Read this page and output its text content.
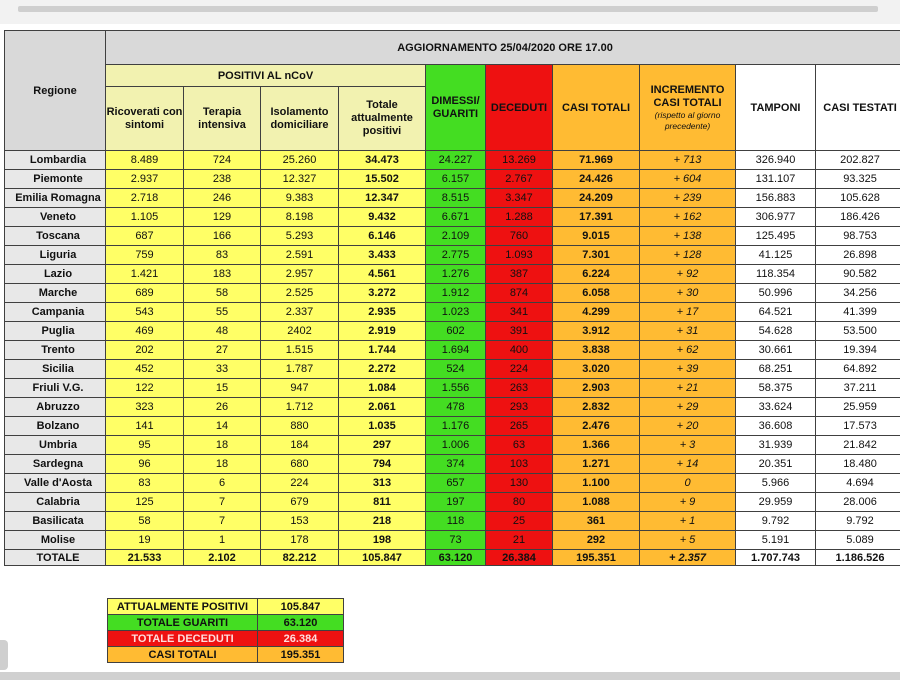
Regione	AGGIORNAMENTO 25/04/2020 ORE 17.00									
	POSITIVI AL nCoV				DIMESSI/ GUARITI	DECEDUTI	CASI TOTALI	INCREMENTO CASI TOTALI
(rispetto al giorno precedente)	TAMPONI	CASI TESTATI
	Ricoverati con sintomi	Terapia intensiva	Isolamento domiciliare	Totale attualmente positivi						
Lombardia	8.489	724	25.260	34.473	24.227	13.269	71.969	+ 713	326.940	202.827
Piemonte	2.937	238	12.327	15.502	6.157	2.767	24.426	+ 604	131.107	93.325
Emilia Romagna	2.718	246	9.383	12.347	8.515	3.347	24.209	+ 239	156.883	105.628
Veneto	1.105	129	8.198	9.432	6.671	1.288	17.391	+ 162	306.977	186.426
Toscana	687	166	5.293	6.146	2.109	760	9.015	+ 138	125.495	98.753
Liguria	759	83	2.591	3.433	2.775	1.093	7.301	+ 128	41.125	26.898
Lazio	1.421	183	2.957	4.561	1.276	387	6.224	+ 92	118.354	90.582
Marche	689	58	2.525	3.272	1.912	874	6.058	+ 30	50.996	34.256
Campania	543	55	2.337	2.935	1.023	341	4.299	+ 17	64.521	41.399
Puglia	469	48	2402	2.919	602	391	3.912	+ 31	54.628	53.500
Trento	202	27	1.515	1.744	1.694	400	3.838	+ 62	30.661	19.394
Sicilia	452	33	1.787	2.272	524	224	3.020	+ 39	68.251	64.892
Friuli V.G.	122	15	947	1.084	1.556	263	2.903	+ 21	58.375	37.211
Abruzzo	323	26	1.712	2.061	478	293	2.832	+ 29	33.624	25.959
Bolzano	141	14	880	1.035	1.176	265	2.476	+ 20	36.608	17.573
Umbria	95	18	184	297	1.006	63	1.366	+ 3	31.939	21.842
Sardegna	96	18	680	794	374	103	1.271	+ 14	20.351	18.480
Valle d'Aosta	83	6	224	313	657	130	1.100	0	5.966	4.694
Calabria	125	7	679	811	197	80	1.088	+ 9	29.959	28.006
Basilicata	58	7	153	218	118	25	361	+ 1	9.792	9.792
Molise	19	1	178	198	73	21	292	+ 5	5.191	5.089
TOTALE	21.533	2.102	82.212	105.847	63.120	26.384	195.351	+ 2.357	1.707.743	1.186.526
ATTUALMENTE POSITIVI	105.847
TOTALE GUARITI	63.120
TOTALE DECEDUTI	26.384
CASI TOTALI	195.351
